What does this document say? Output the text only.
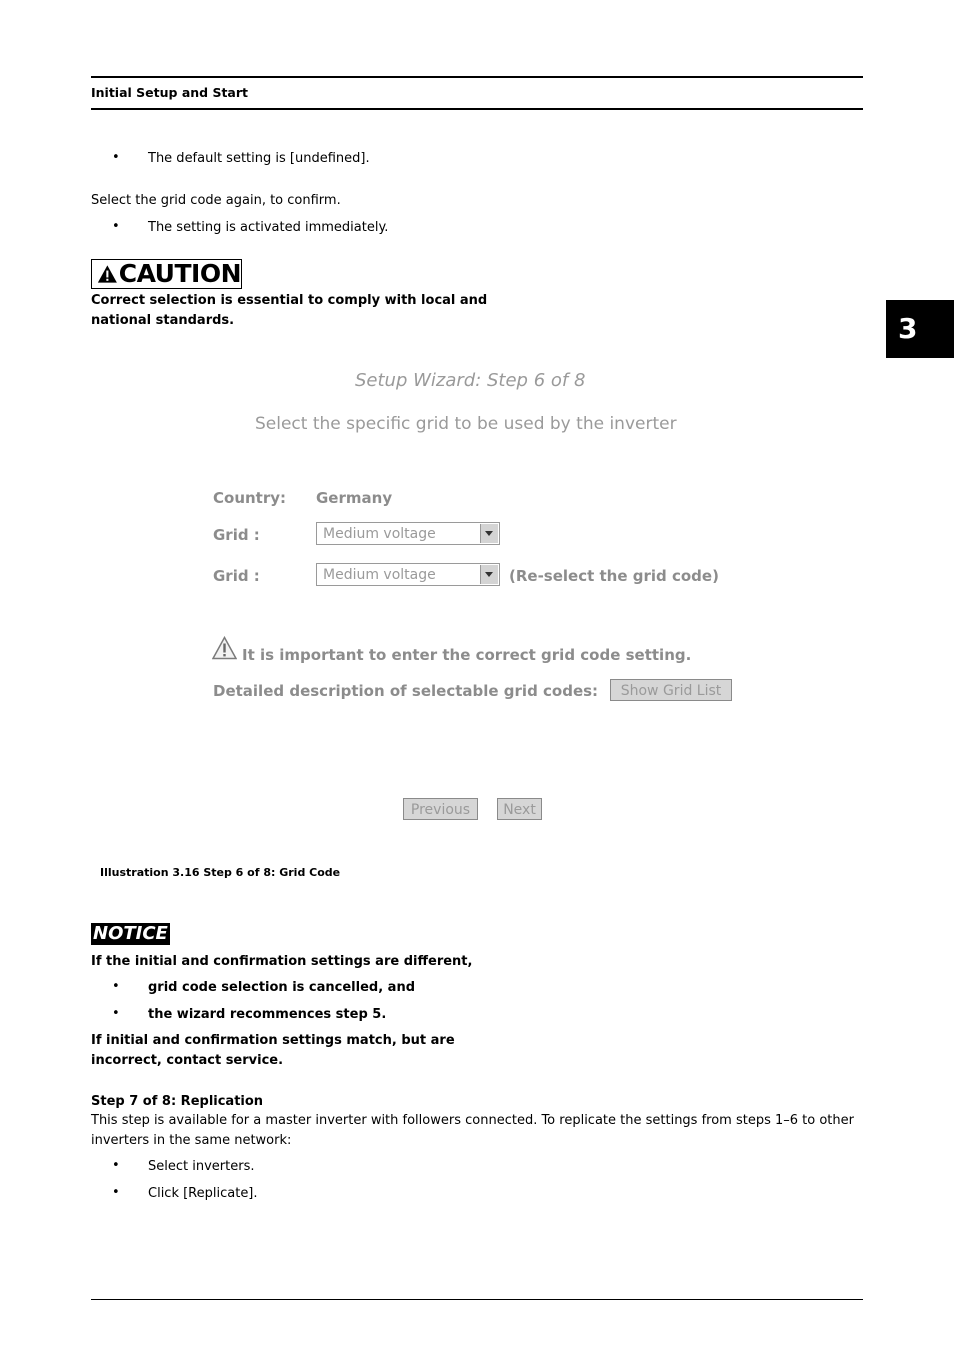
Initial Setup and Start
3
• The default setting is [undefined].
Select the grid code again, to confirm.
• The setting is activated immediately.
CAUTION
Correct selection is essential to comply with local and
national standards.
Setup Wizard: Step 6 of 8
Select the specific grid to be used by the inverter
Country: Germany
Grid :	Medium voltage
Grid :	Medium voltage	(Re-select the grid code)
It is important to enter the correct grid code setting.
Detailed description of selectable grid codes:	Show Grid List
Previous	Next
Illustration 3.16 Step 6 of 8: Grid Code
NOTICE
If the initial and confirmation settings are different,
• grid code selection is cancelled, and
• the wizard recommences step 5.
If initial and confirmation settings match, but are
incorrect, contact service.
Step 7 of 8: Replication
This step is available for a master inverter with followers connected. To replicate the settings from steps 1–6 to other
inverters in the same network:
• Select inverters.
• Click [Replicate].
